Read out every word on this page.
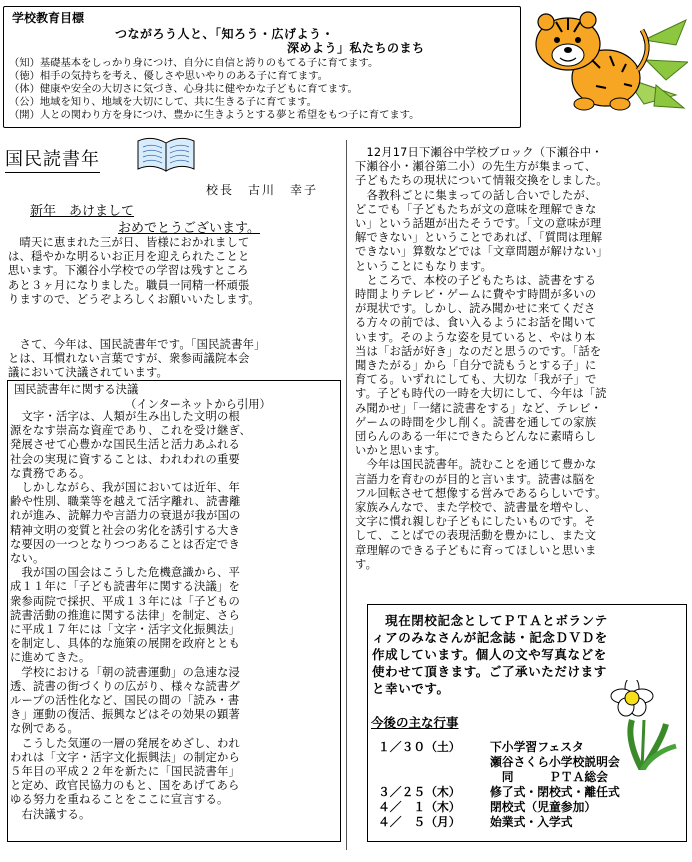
学校教育目標
つながろう人と、「知ろう・広げよう・
深めよう」私たちのまち
（知）基礎基本をしっかり身につけ、自分に自信と誇りのもてる子に育てます。
（徳）相手の気持ちを考え、優しさや思いやりのある子に育てます。
（体）健康や安全の大切さに気づき、心身共に健やかな子どもに育てます。
（公）地域を知り、地域を大切にして、共に生きる子に育てます。
（開）人との関わり方を身につけ、豊かに生きようとする夢と希望をもつ子に育てます。
国民読書年
校長　古川　幸子
新年　あけまして
おめでとうございます。
　晴天に恵まれた三が日、皆様におかれまして
は、穏やかな明るいお正月を迎えられたことと
思います。下瀬谷小学校での学習は残すところ
あと３ヶ月になりました。職員一同精一杯頑張
りますので、どうぞよろしくお願いいたします。
　さて、今年は、国民読書年です。「国民読書年」
とは、耳慣れない言葉ですが、衆参両議院本会
議において決議されています。
国民読書年に関する決議
（インターネットから引用）
　文字・活字は、人類が生み出した文明の根
源をなす崇高な資産であり、これを受け継ぎ、
発展させて心豊かな国民生活と活力あふれる
社会の実現に資することは、われわれの重要
な責務である。
　しかしながら、我が国においては近年、年
齢や性別、職業等を越えて活字離れ、読書離
れが進み、読解力や言語力の衰退が我が国の
精神文明の変質と社会の劣化を誘引する大き
な要因の一つとなりつつあることは否定でき
ない。
　我が国の国会はこうした危機意識から、平
成１１年に「子ども読書年に関する決議」を
衆参両院で採択、平成１３年には「子どもの
読書活動の推進に関する法律」を制定、さら
に平成１７年には「文字・活字文化振興法」
を制定し、具体的な施策の展開を政府ととも
に進めてきた。
　学校における「朝の読書運動」の急速な浸
透、読書の街づくりの広がり、様々な読書グ
ループの活性化など、国民の間の「読み・書
き」運動の復活、振興などはその効果の顕著
な例である。
　こうした気運の一層の発展をめざし、われ
われは「文字・活字文化振興法」の制定から
５年目の平成２２年を新たに「国民読書年」
と定め、政官民協力のもと、国をあげてあら
ゆる努力を重ねることをここに宣言する。
　右決議する。
　12月17日下瀬谷中学校ブロック（下瀬谷中・
下瀬谷小・瀬谷第二小）の先生方が集まって、
子どもたちの現状について情報交換をしました。
　各教科ごとに集まっての話し合いでしたが、
どこでも「子どもたちが文の意味を理解できな
い」という話題が出たそうです。「文の意味が理
解できない」ということであれば、「質問は理解
できない」算数などでは「文章問題が解けない」
ということにもなります。
　ところで、本校の子どもたちは、読書をする
時間よりテレビ・ゲームに費やす時間が多いの
が現状です。しかし、読み聞かせに来てくださ
る方々の前では、食い入るようにお話を聞いて
います。そのような姿を見ていると、やはり本
当は「お話が好き」なのだと思うのです。「話を
聞きたがる」から「自分で読もうとする子」に
育てる。いずれにしても、大切な「我が子」で
す。子ども時代の一時を大切にして、今年は「読
み聞かせ」「一緒に読書をする」など、テレビ・
ゲームの時間を少し削く。読書を通しての家族
団らんのある一年にできたらどんなに素晴らし
いかと思います。
　今年は国民読書年。読むことを通じて豊かな
言語力を育むのが目的と言います。読書は脳を
フル回転させて想像する営みであるらしいです。
家族みんなで、また学校で、読書量を増やし、
文字に慣れ親しむ子どもにしたいものです。そ
して、ことばでの表現活動を豊かにし、また文
章理解のできる子どもに育ってほしいと思いま
す。
　現在閉校記念としてＰＴＡとボランテ
ィアのみなさんが記念誌・記念ＤＶＤを
作成しています。個人の文や写真などを
使わせて頂きます。ご了承いただけます
と幸いです。
今後の主な行事
１／３０（土） 下小学習フェスタ
瀬谷さくら小学校説明会
　同　　　ＰＴＡ総会
３／２５（木） 修了式・閉校式・離任式
４／　１（木） 閉校式（児童参加）
４／　５（月） 始業式・入学式
